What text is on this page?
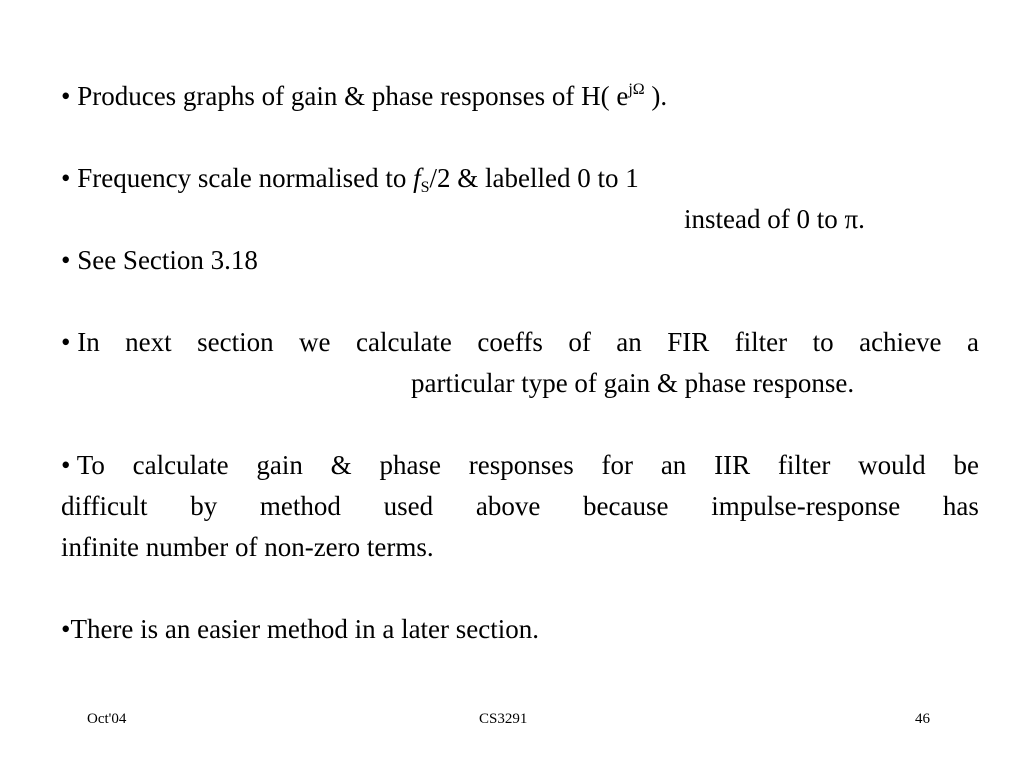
• Produces graphs of gain & phase responses of H( $e^{j\Omega}$ ).
• Frequency scale normalised to $f_S/2$ & labelled 0 to 1
instead of 0 to π.
• See Section 3.18
• In next section we calculate coeffs of an FIR filter to achieve a
particular type of gain & phase response.
• To calculate gain & phase responses for an IIR filter would be
difficult by method used above because impulse-response has
infinite number of non-zero terms.
•There is an easier method in a later section.
Oct'04	CS3291	46
